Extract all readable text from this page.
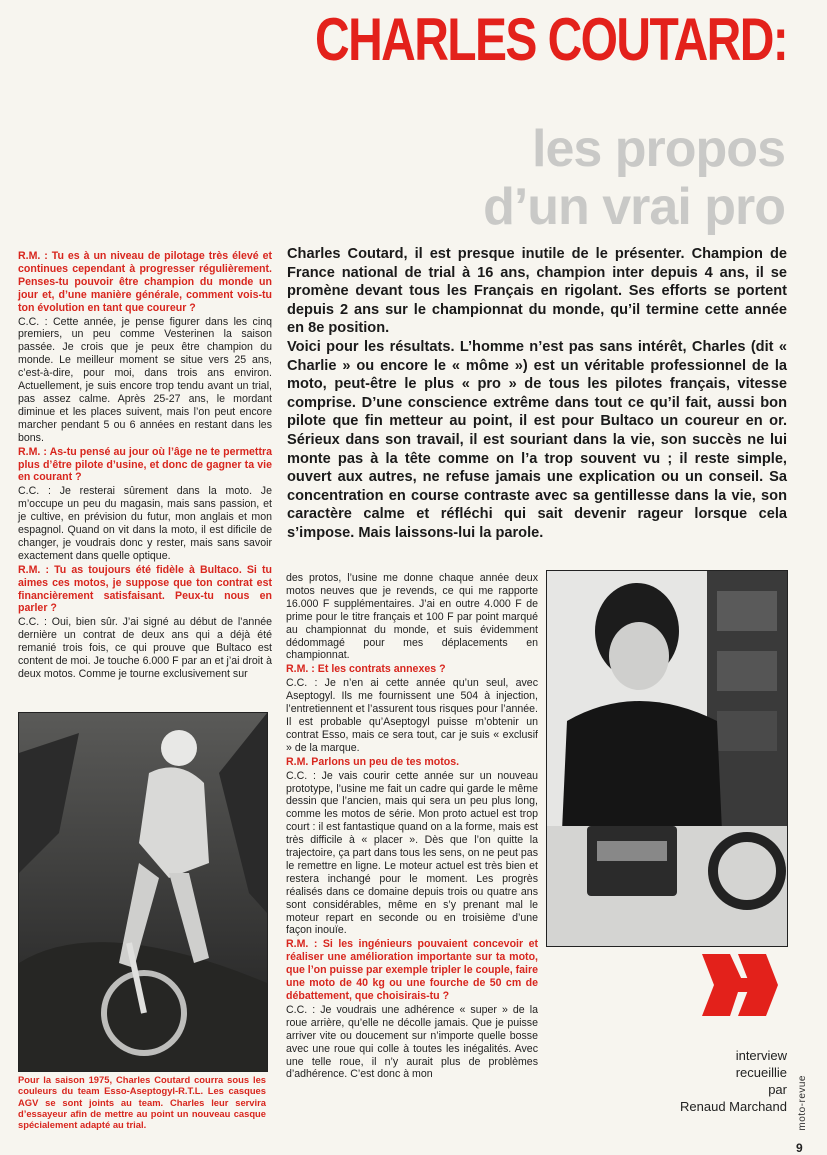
CHARLES COUTARD:
les propos
d’un vrai pro

Charles Coutard, il est presque inutile de le présenter. Champion de France national de trial à 16 ans, champion inter depuis 4 ans, il se promène devant tous les Français en rigolant. Ses efforts se portent depuis 2 ans sur le championnat du monde, qu’il termine cette année en 8e position.

Voici pour les résultats. L’homme n’est pas sans intérêt, Charles (dit « Charlie » ou encore le « môme ») est un véritable professionnel de la moto, peut-être le plus « pro » de tous les pilotes français, vitesse comprise. D’une conscience extrême dans tout ce qu’il fait, aussi bon pilote que fin metteur au point, il est pour Bultaco un coureur en or. Sérieux dans son travail, il est souriant dans la vie, son succès ne lui monte pas à la tête comme on l’a trop souvent vu ; il reste simple, ouvert aux autres, ne refuse jamais une explication ou un conseil. Sa concentration en course contraste avec sa gentillesse dans la vie, son caractère calme et réfléchi qui sait devenir rageur lorsque cela s’impose. Mais laissons-lui la parole.

R.M. : Tu es à un niveau de pilotage très élevé et continues cependant à progresser régulièrement. Penses-tu pouvoir être champion du monde un jour et, d’une manière générale, comment vois-tu ton évolution en tant que coureur ?

C.C. : Cette année, je pense figurer dans les cinq premiers, un peu comme Vesterinen la saison passée. Je crois que je peux être champion du monde. Le meilleur moment se situe vers 25 ans, c’est-à-dire, pour moi, dans trois ans environ. Actuellement, je suis encore trop tendu avant un trial, pas assez calme. Après 25-27 ans, le mordant diminue et les places suivent, mais l’on peut encore marcher pendant 5 ou 6 années en restant dans les bons.

R.M. : As-tu pensé au jour où l’âge ne te permettra plus d’être pilote d’usine, et donc de gagner ta vie en courant ?

C.C. : Je resterai sûrement dans la moto. Je m’occupe un peu du magasin, mais sans passion, et je cultive, en prévision du futur, mon anglais et mon espagnol. Quand on vit dans la moto, il est dificile de changer, je voudrais donc y rester, mais sans savoir exactement dans quelle optique.

R.M. : Tu as toujours été fidèle à Bultaco. Si tu aimes ces motos, je suppose que ton contrat est financièrement satisfaisant. Peux-tu nous en parler ?

C.C. : Oui, bien sûr. J’ai signé au début de l’année dernière un contrat de deux ans qui a déjà été remanié trois fois, ce qui prouve que Bultaco est content de moi. Je touche 6.000 F par an et j’ai droit à deux motos. Comme je tourne exclusivement sur

Pour la saison 1975, Charles Coutard courra sous les couleurs du team Esso-Aseptogyl-R.T.L. Les casques AGV se sont joints au team. Charles leur servira d’essayeur afin de mettre au point un nouveau casque spécialement adapté au trial.

des protos, l’usine me donne chaque année deux motos neuves que je revends, ce qui me rapporte 16.000 F supplémentaires. J’ai en outre 4.000 F de prime pour le titre français et 100 F par point marqué au championnat du monde, et suis évidemment dédommagé pour mes déplacements en championnat.

R.M. : Et les contrats annexes ?

C.C. : Je n’en ai cette année qu’un seul, avec Aseptogyl. Ils me fournissent une 504 à injection, l’entretiennent et l’assurent tous risques pour l’année. Il est probable qu’Aseptogyl puisse m’obtenir un contrat Esso, mais ce sera tout, car je suis « exclusif » de la marque.

R.M. Parlons un peu de tes motos.

C.C. : Je vais courir cette année sur un nouveau prototype, l’usine me fait un cadre qui garde le même dessin que l’ancien, mais qui sera un peu plus long, comme les motos de série. Mon proto actuel est trop court : il est fantastique quand on a la forme, mais est très difficile à « placer ». Dès que l’on quitte la trajectoire, ça part dans tous les sens, on ne peut pas le remettre en ligne. Le moteur actuel est très bien et restera inchangé pour le moment. Les progrès réalisés dans ce domaine depuis trois ou quatre ans sont considérables, même en s’y prenant mal le moteur repart en seconde ou en troisième d’une façon inouïe.

R.M. : Si les ingénieurs pouvaient concevoir et réaliser une amélioration importante sur ta moto, que l’on puisse par exemple tripler le couple, faire une moto de 40 kg ou une fourche de 50 cm de débattement, que choisirais-tu ?

C.C. : Je voudrais une adhérence « super » de la roue arrière, qu’elle ne décolle jamais. Que je puisse arriver vite ou doucement sur n’importe quelle bosse avec une roue qui colle à toutes les inégalités. Avec une telle roue, il n’y aurait plus de problèmes d’adhérence. C’est donc à mon

interview
recueillie
par
Renaud Marchand moto-revue
9
